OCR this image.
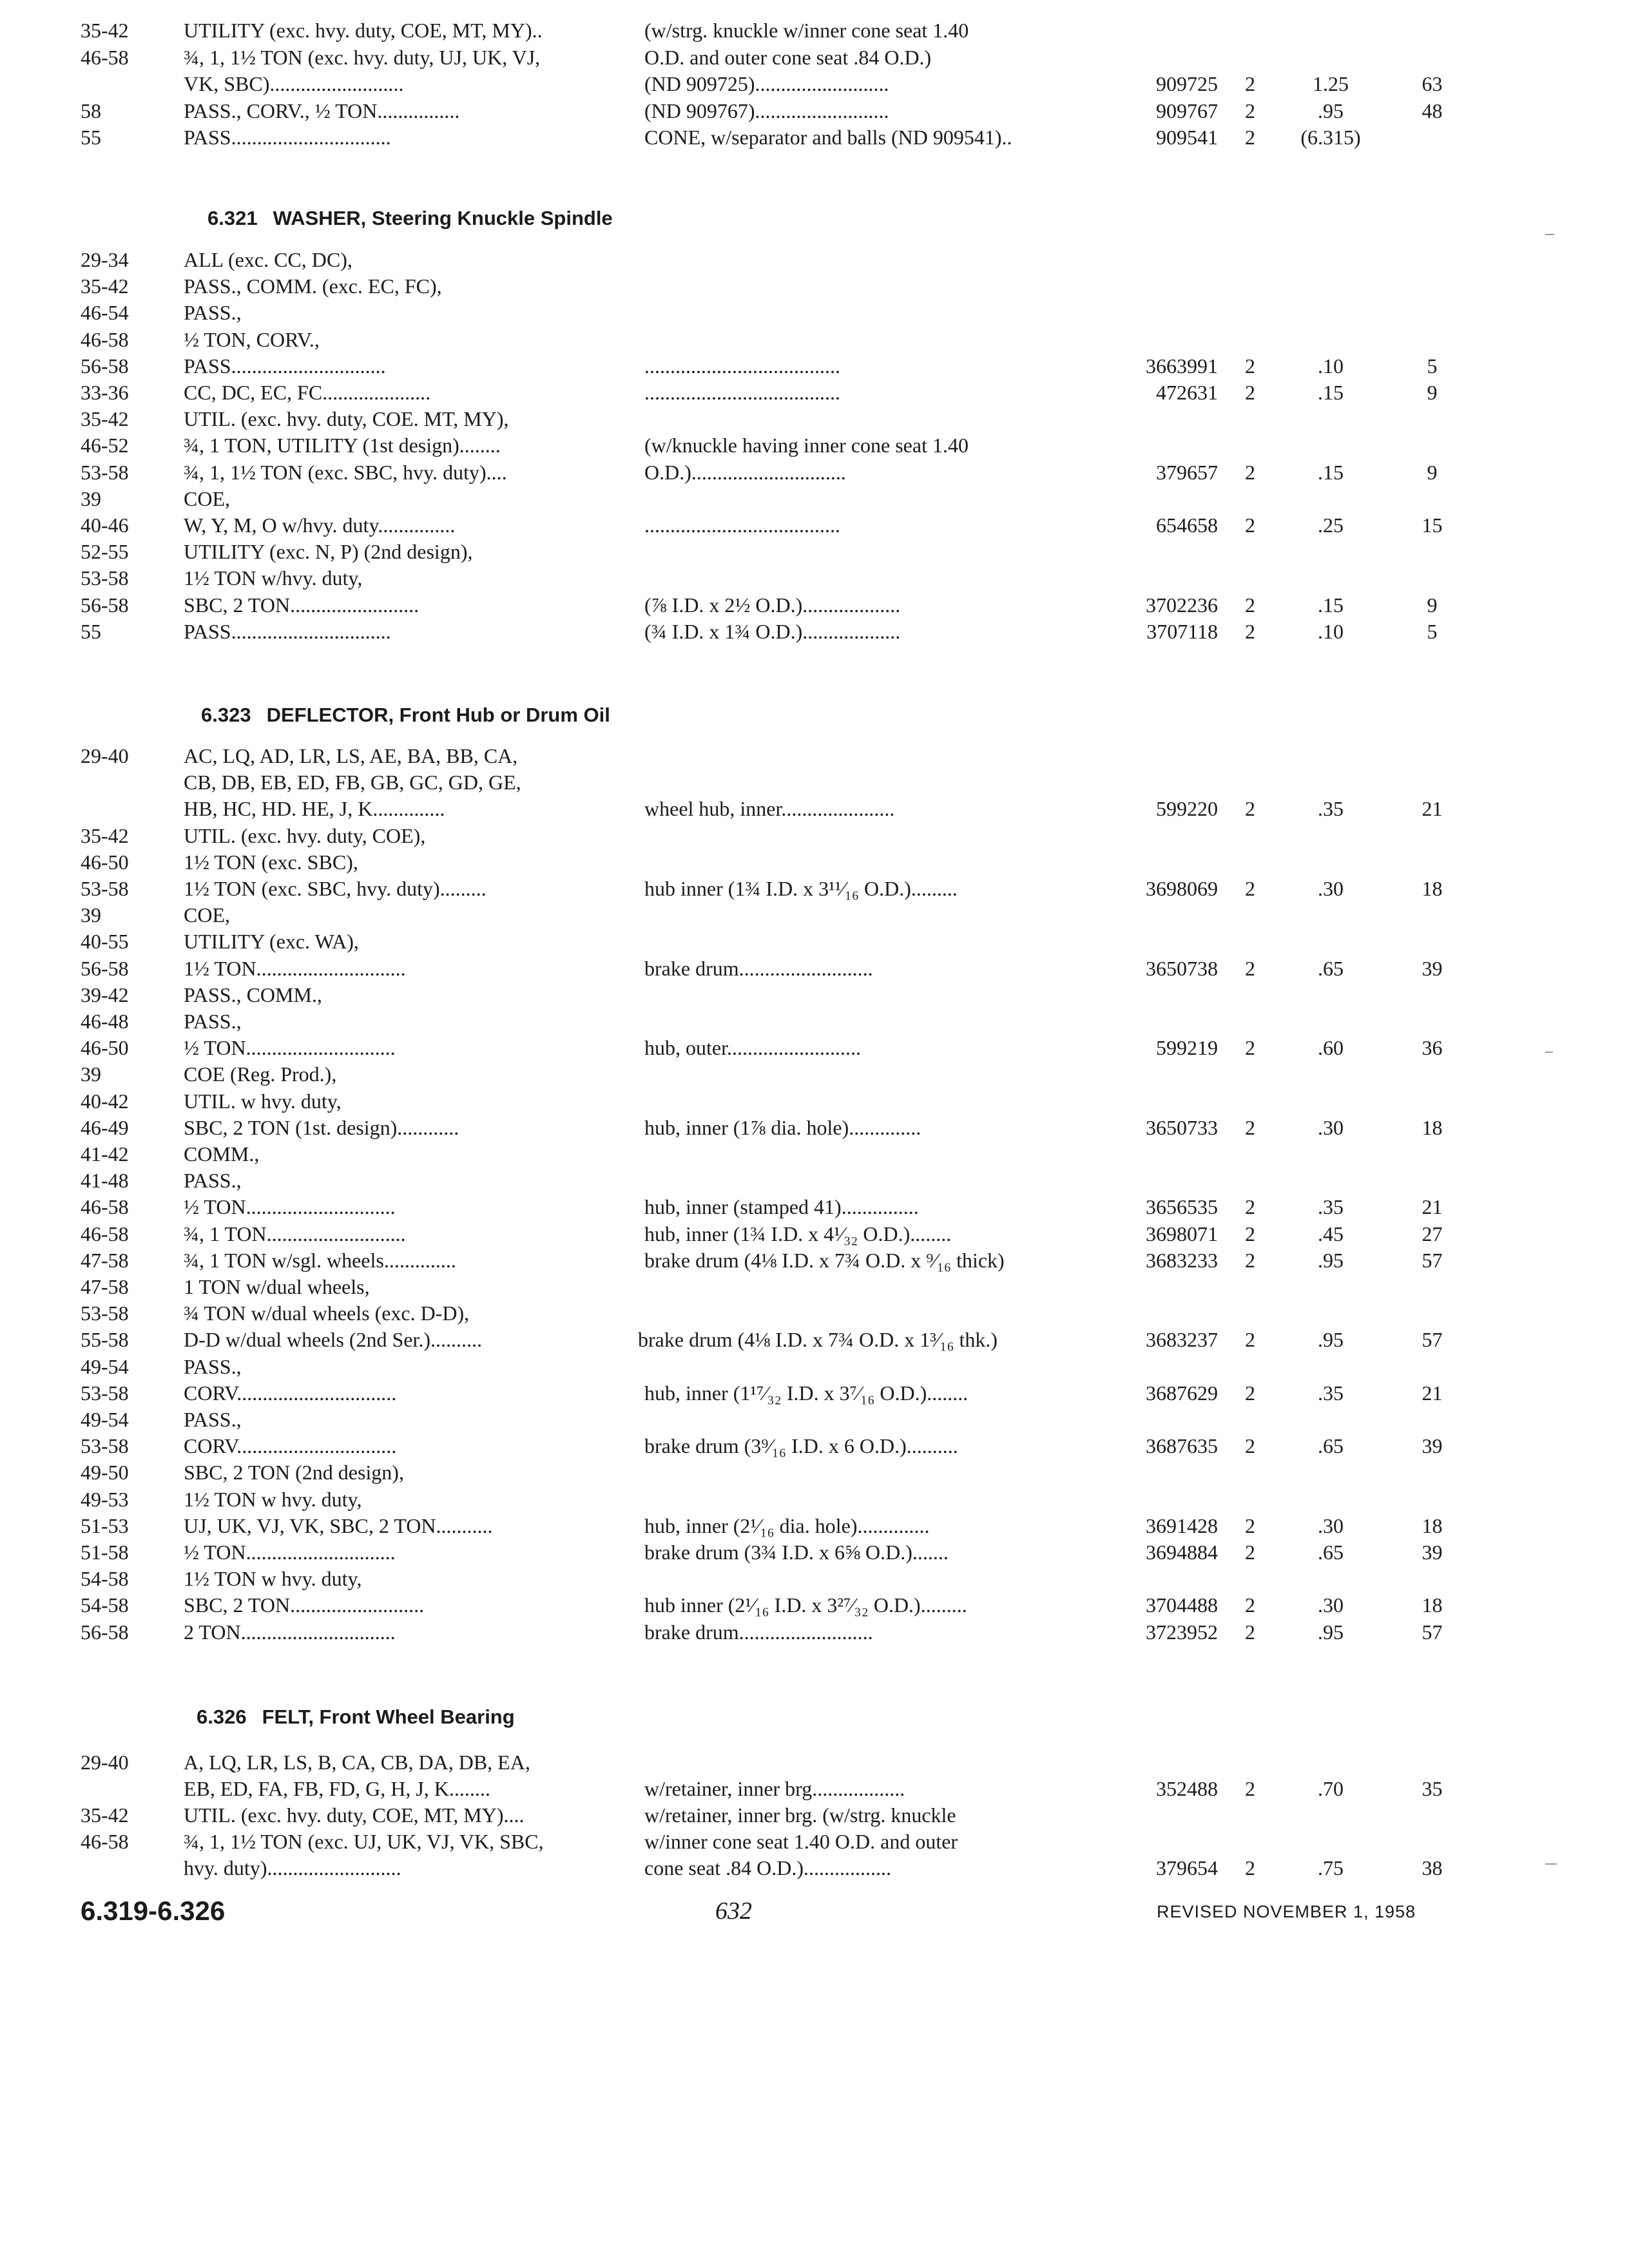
35-42	UTILITY (exc. hvy. duty, COE, MT, MY)..	(w/strg. knuckle w/inner cone seat 1.40
46-58	¾, 1, 1½ TON (exc. hvy. duty, UJ, UK, VJ,	O.D. and outer cone seat .84 O.D.)
VK, SBC)..........................	(ND 909725)..........................	909725	2	1.25	63
58	PASS., CORV., ½ TON................	(ND 909767)..........................	909767	2	.95	48
55	PASS...............................	CONE, w/separator and balls (ND 909541)..	909541	2	(6.315)
6.321 WASHER, Steering Knuckle Spindle
29-34	ALL (exc. CC, DC),
35-42	PASS., COMM. (exc. EC, FC),
46-54	PASS.,
46-58	½ TON, CORV.,
56-58	PASS..............................	......................................	3663991	2	.10	5
33-36	CC, DC, EC, FC.....................	......................................	472631	2	.15	9
35-42	UTIL. (exc. hvy. duty, COE. MT, MY),
46-52	¾, 1 TON, UTILITY (1st design)........	(w/knuckle having inner cone seat 1.40
53-58	¾, 1, 1½ TON (exc. SBC, hvy. duty)....	O.D.)..............................	379657	2	.15	9
39	COE,
40-46	W, Y, M, O w/hvy. duty...............	......................................	654658	2	.25	15
52-55	UTILITY (exc. N, P) (2nd design),
53-58	1½ TON w/hvy. duty,
56-58	SBC, 2 TON.........................	(⅞ I.D. x 2½ O.D.)...................	3702236	2	.15	9
55	PASS...............................	(¾ I.D. x 1¾ O.D.)...................	3707118	2	.10	5
6.323 DEFLECTOR, Front Hub or Drum Oil
29-40	AC, LQ, AD, LR, LS, AE, BA, BB, CA,
CB, DB, EB, ED, FB, GB, GC, GD, GE,
HB, HC, HD. HE, J, K..............	wheel hub, inner......................	599220	2	.35	21
35-42	UTIL. (exc. hvy. duty, COE),
46-50	1½ TON (exc. SBC),
53-58	1½ TON (exc. SBC, hvy. duty).........	hub inner (1¾ I.D. x 3¹¹⁄₁₆ O.D.).........	3698069	2	.30	18
39	COE,
40-55	UTILITY (exc. WA),
56-58	1½ TON.............................	brake drum..........................	3650738	2	.65	39
39-42	PASS., COMM.,
46-48	PASS.,
46-50	½ TON.............................	hub, outer..........................	599219	2	.60	36
39	COE (Reg. Prod.),
40-42	UTIL. w hvy. duty,
46-49	SBC, 2 TON (1st. design)............	hub, inner (1⅞ dia. hole)..............	3650733	2	.30	18
41-42	COMM.,
41-48	PASS.,
46-58	½ TON.............................	hub, inner (stamped 41)...............	3656535	2	.35	21
46-58	¾, 1 TON...........................	hub, inner (1¾ I.D. x 4¹⁄₃₂ O.D.)........	3698071	2	.45	27
47-58	¾, 1 TON w/sgl. wheels..............	brake drum (4⅛ I.D. x 7¾ O.D. x ⁹⁄₁₆ thick)	3683233	2	.95	57
47-58	1 TON w/dual wheels,
53-58	¾ TON w/dual wheels (exc. D-D),
55-58	D-D w/dual wheels (2nd Ser.)..........	brake drum (4⅛ I.D. x 7¾ O.D. x 1³⁄₁₆ thk.)	3683237	2	.95	57
49-54	PASS.,
53-58	CORV...............................	hub, inner (1¹⁷⁄₃₂ I.D. x 3⁷⁄₁₆ O.D.)........	3687629	2	.35	21
49-54	PASS.,
53-58	CORV...............................	brake drum (3⁹⁄₁₆ I.D. x 6 O.D.)..........	3687635	2	.65	39
49-50	SBC, 2 TON (2nd design),
49-53	1½ TON w hvy. duty,
51-53	UJ, UK, VJ, VK, SBC, 2 TON...........	hub, inner (2¹⁄₁₆ dia. hole)..............	3691428	2	.30	18
51-58	½ TON.............................	brake drum (3¾ I.D. x 6⅝ O.D.).......	3694884	2	.65	39
54-58	1½ TON w hvy. duty,
54-58	SBC, 2 TON..........................	hub inner (2¹⁄₁₆ I.D. x 3²⁷⁄₃₂ O.D.).........	3704488	2	.30	18
56-58	2 TON..............................	brake drum..........................	3723952	2	.95	57
6.326 FELT, Front Wheel Bearing
29-40	A, LQ, LR, LS, B, CA, CB, DA, DB, EA,
EB, ED, FA, FB, FD, G, H, J, K........	w/retainer, inner brg..................	352488	2	.70	35
35-42	UTIL. (exc. hvy. duty, COE, MT, MY)....	w/retainer, inner brg. (w/strg. knuckle
46-58	¾, 1, 1½ TON (exc. UJ, UK, VJ, VK, SBC,	w/inner cone seat 1.40 O.D. and outer
hvy. duty)..........................	cone seat .84 O.D.).................	379654	2	.75	38
6.319-6.326	632	REVISED NOVEMBER 1, 1958
